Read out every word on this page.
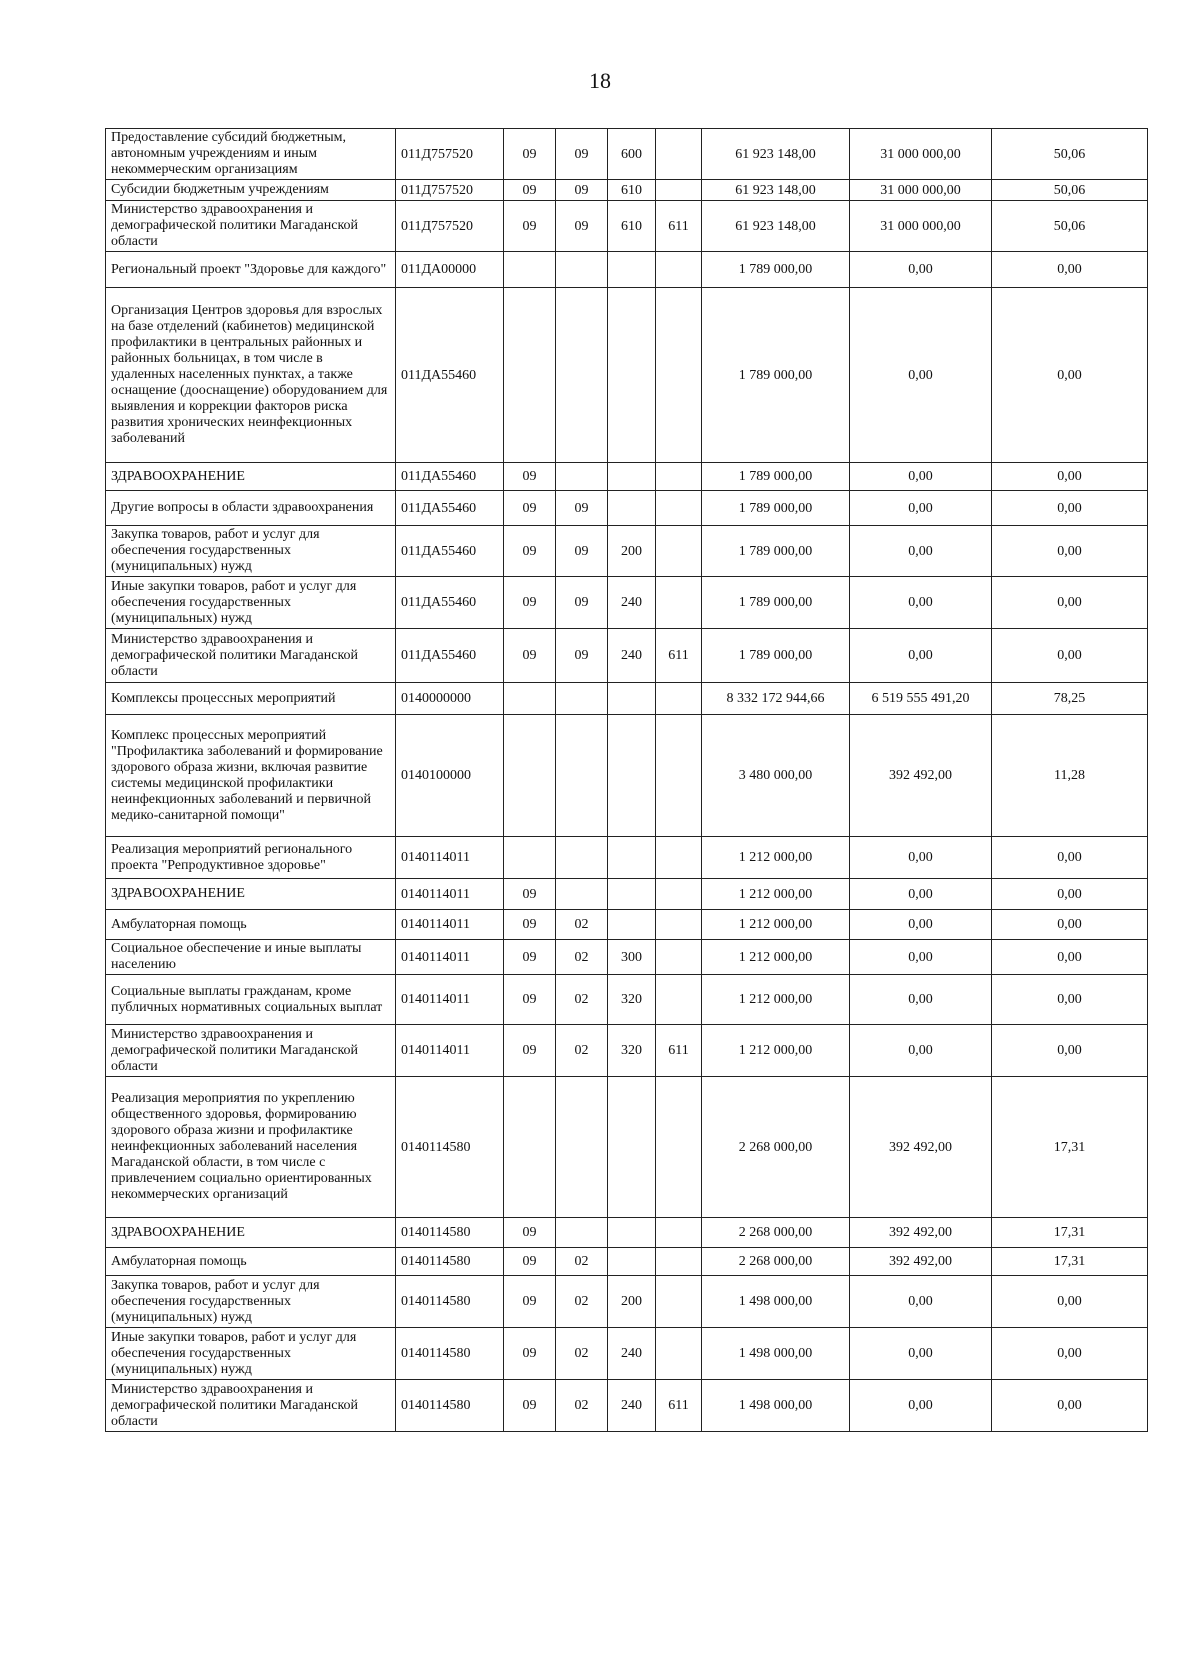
18
Предоставление субсидий бюджетным, автономным учреждениям и иным некоммерческим организациям	011Д757520	09	09	600		61 923 148,00	31 000 000,00	50,06
Субсидии бюджетным учреждениям	011Д757520	09	09	610		61 923 148,00	31 000 000,00	50,06
Министерство здравоохранения и демографической политики Магаданской области	011Д757520	09	09	610	611	61 923 148,00	31 000 000,00	50,06
Региональный проект "Здоровье для каждого"	011ДА00000					1 789 000,00	0,00	0,00
Организация Центров здоровья для взрослых на базе отделений (кабинетов) медицинской профилактики в центральных районных и районных больницах, в том числе в удаленных населенных пунктах, а также оснащение (дооснащение) оборудованием для выявления и коррекции факторов риска развития хронических неинфекционных заболеваний	011ДА55460					1 789 000,00	0,00	0,00
ЗДРАВООХРАНЕНИЕ	011ДА55460	09				1 789 000,00	0,00	0,00
Другие вопросы в области здравоохранения	011ДА55460	09	09			1 789 000,00	0,00	0,00
Закупка товаров, работ и услуг для обеспечения государственных (муниципальных) нужд	011ДА55460	09	09	200		1 789 000,00	0,00	0,00
Иные закупки товаров, работ и услуг для обеспечения государственных (муниципальных) нужд	011ДА55460	09	09	240		1 789 000,00	0,00	0,00
Министерство здравоохранения и демографической политики Магаданской области	011ДА55460	09	09	240	611	1 789 000,00	0,00	0,00
Комплексы процессных мероприятий	0140000000					8 332 172 944,66	6 519 555 491,20	78,25
Комплекс процессных мероприятий "Профилактика заболеваний и формирование здорового образа жизни, включая развитие системы медицинской профилактики неинфекционных заболеваний и первичной медико-санитарной помощи"	0140100000					3 480 000,00	392 492,00	11,28
Реализация мероприятий регионального проекта "Репродуктивное здоровье"	0140114011					1 212 000,00	0,00	0,00
ЗДРАВООХРАНЕНИЕ	0140114011	09				1 212 000,00	0,00	0,00
Амбулаторная помощь	0140114011	09	02			1 212 000,00	0,00	0,00
Социальное обеспечение и иные выплаты населению	0140114011	09	02	300		1 212 000,00	0,00	0,00
Социальные выплаты гражданам, кроме публичных нормативных социальных выплат	0140114011	09	02	320		1 212 000,00	0,00	0,00
Министерство здравоохранения и демографической политики Магаданской области	0140114011	09	02	320	611	1 212 000,00	0,00	0,00
Реализация мероприятия по укреплению общественного здоровья, формированию здорового образа жизни и профилактике неинфекционных заболеваний населения Магаданской области, в том числе с привлечением социально ориентированных некоммерческих организаций	0140114580					2 268 000,00	392 492,00	17,31
ЗДРАВООХРАНЕНИЕ	0140114580	09				2 268 000,00	392 492,00	17,31
Амбулаторная помощь	0140114580	09	02			2 268 000,00	392 492,00	17,31
Закупка товаров, работ и услуг для обеспечения государственных (муниципальных) нужд	0140114580	09	02	200		1 498 000,00	0,00	0,00
Иные закупки товаров, работ и услуг для обеспечения государственных (муниципальных) нужд	0140114580	09	02	240		1 498 000,00	0,00	0,00
Министерство здравоохранения и демографической политики Магаданской области	0140114580	09	02	240	611	1 498 000,00	0,00	0,00
